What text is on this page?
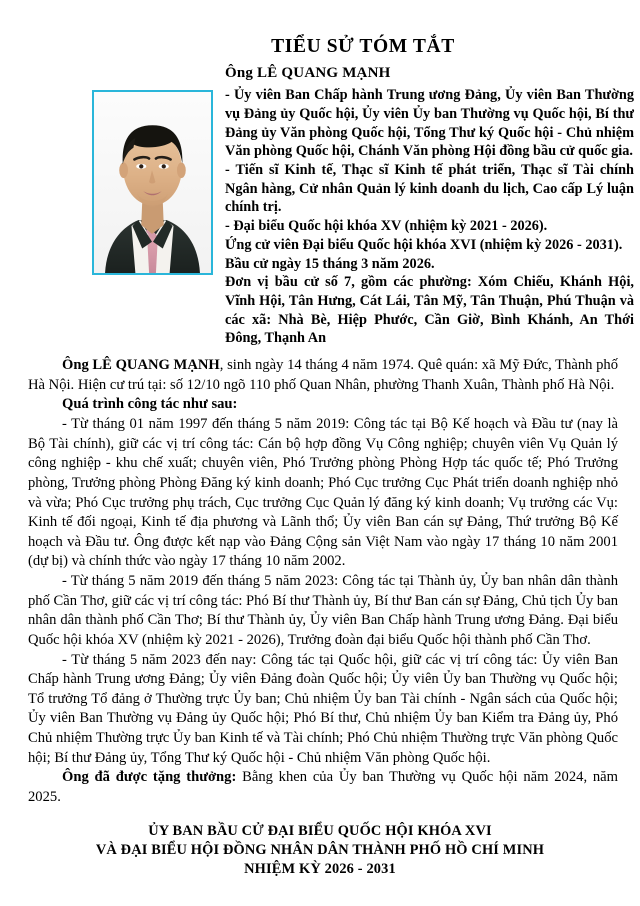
TIỂU SỬ TÓM TẮT
Ông LÊ QUANG MẠNH

- Ủy viên Ban Chấp hành Trung ương Đảng, Ủy viên Ban Thường vụ Đảng ủy Quốc hội, Ủy viên Ủy ban Thường vụ Quốc hội, Bí thư Đảng ủy Văn phòng Quốc hội, Tổng Thư ký Quốc hội - Chủ nhiệm Văn phòng Quốc hội, Chánh Văn phòng Hội đồng bầu cử quốc gia.

- Tiến sĩ Kinh tế, Thạc sĩ Kinh tế phát triển, Thạc sĩ Tài chính Ngân hàng, Cử nhân Quản lý kinh doanh du lịch, Cao cấp Lý luận chính trị.

- Đại biểu Quốc hội khóa XV (nhiệm kỳ 2021 - 2026).

Ứng cử viên Đại biểu Quốc hội khóa XVI (nhiệm kỳ 2026 - 2031).

Bầu cử ngày 15 tháng 3 năm 2026.

Đơn vị bầu cử số 7, gồm các phường: Xóm Chiếu, Khánh Hội, Vĩnh Hội, Tân Hưng, Cát Lái, Tân Mỹ, Tân Thuận, Phú Thuận và các xã: Nhà Bè, Hiệp Phước, Cần Giờ, Bình Khánh, An Thới Đông, Thạnh An

Ông LÊ QUANG MẠNH, sinh ngày 14 tháng 4 năm 1974. Quê quán: xã Mỹ Đức, Thành phố Hà Nội. Hiện cư trú tại: số 12/10 ngõ 110 phố Quan Nhân, phường Thanh Xuân, Thành phố Hà Nội.

Quá trình công tác như sau:

- Từ tháng 01 năm 1997 đến tháng 5 năm 2019: Công tác tại Bộ Kế hoạch và Đầu tư (nay là Bộ Tài chính), giữ các vị trí công tác: Cán bộ hợp đồng Vụ Công nghiệp; chuyên viên Vụ Quản lý công nghiệp - khu chế xuất; chuyên viên, Phó Trưởng phòng Phòng Hợp tác quốc tế; Phó Trưởng phòng, Trưởng phòng Phòng Đăng ký kinh doanh; Phó Cục trưởng Cục Phát triển doanh nghiệp nhỏ và vừa; Phó Cục trưởng phụ trách, Cục trưởng Cục Quản lý đăng ký kinh doanh; Vụ trưởng các Vụ: Kinh tế đối ngoại, Kinh tế địa phương và Lãnh thổ; Ủy viên Ban cán sự Đảng, Thứ trưởng Bộ Kế hoạch và Đầu tư. Ông được kết nạp vào Đảng Cộng sản Việt Nam vào ngày 17 tháng 10 năm 2001 (dự bị) và chính thức vào ngày 17 tháng 10 năm 2002.

- Từ tháng 5 năm 2019 đến tháng 5 năm 2023: Công tác tại Thành ủy, Ủy ban nhân dân thành phố Cần Thơ, giữ các vị trí công tác: Phó Bí thư Thành ủy, Bí thư Ban cán sự Đảng, Chủ tịch Ủy ban nhân dân thành phố Cần Thơ; Bí thư Thành ủy, Ủy viên Ban Chấp hành Trung ương Đảng. Đại biểu Quốc hội khóa XV (nhiệm kỳ 2021 - 2026), Trưởng đoàn đại biểu Quốc hội thành phố Cần Thơ.

- Từ tháng 5 năm 2023 đến nay: Công tác tại Quốc hội, giữ các vị trí công tác: Ủy viên Ban Chấp hành Trung ương Đảng; Ủy viên Đảng đoàn Quốc hội; Ủy viên Ủy ban Thường vụ Quốc hội; Tổ trưởng Tổ đảng ở Thường trực Ủy ban; Chủ nhiệm Ủy ban Tài chính - Ngân sách của Quốc hội; Ủy viên Ban Thường vụ Đảng ủy Quốc hội; Phó Bí thư, Chủ nhiệm Ủy ban Kiểm tra Đảng ủy, Phó Chủ nhiệm Thường trực Ủy ban Kinh tế và Tài chính; Phó Chủ nhiệm Thường trực Văn phòng Quốc hội; Bí thư Đảng ủy, Tổng Thư ký Quốc hội - Chủ nhiệm Văn phòng Quốc hội.

Ông đã được tặng thưởng: Bằng khen của Ủy ban Thường vụ Quốc hội năm 2024, năm 2025.

ỦY BAN BẦU CỬ ĐẠI BIỂU QUỐC HỘI KHÓA XVI
VÀ ĐẠI BIỂU HỘI ĐỒNG NHÂN DÂN THÀNH PHỐ HỒ CHÍ MINH
NHIỆM KỲ 2026 - 2031
